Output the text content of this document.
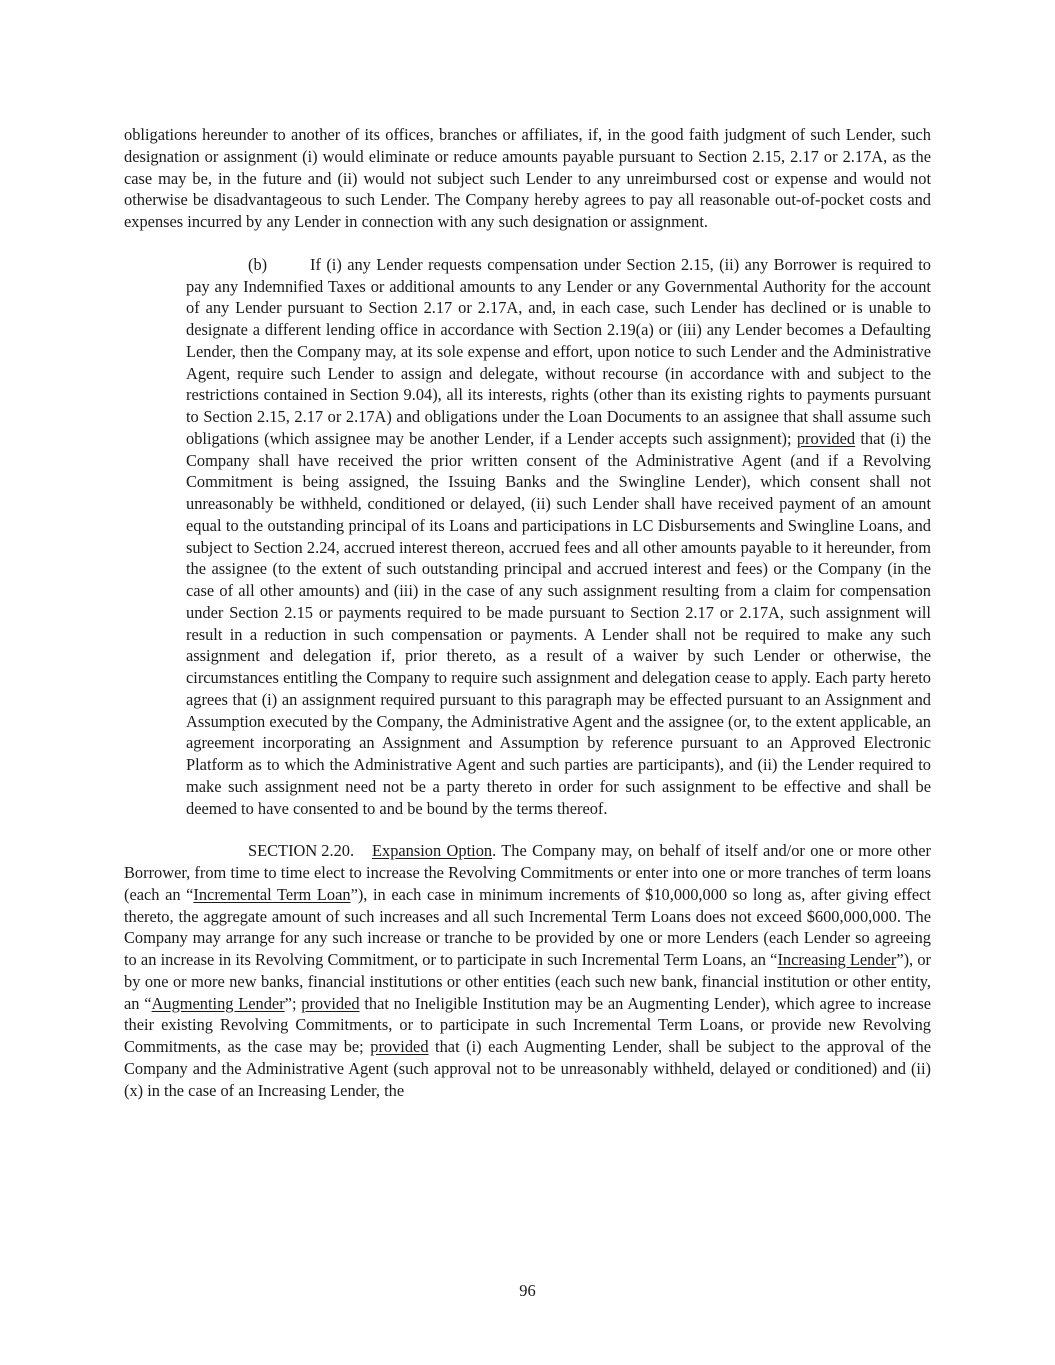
obligations hereunder to another of its offices, branches or affiliates, if, in the good faith judgment of such Lender, such designation or assignment (i) would eliminate or reduce amounts payable pursuant to Section 2.15, 2.17 or 2.17A, as the case may be, in the future and (ii) would not subject such Lender to any unreimbursed cost or expense and would not otherwise be disadvantageous to such Lender. The Company hereby agrees to pay all reasonable out-of-pocket costs and expenses incurred by any Lender in connection with any such designation or assignment.

(b)	If (i) any Lender requests compensation under Section 2.15, (ii) any Borrower is required to pay any Indemnified Taxes or additional amounts to any Lender or any Governmental Authority for the account of any Lender pursuant to Section 2.17 or 2.17A, and, in each case, such Lender has declined or is unable to designate a different lending office in accordance with Section 2.19(a) or (iii) any Lender becomes a Defaulting Lender, then the Company may, at its sole expense and effort, upon notice to such Lender and the Administrative Agent, require such Lender to assign and delegate, without recourse (in accordance with and subject to the restrictions contained in Section 9.04), all its interests, rights (other than its existing rights to payments pursuant to Section 2.15, 2.17 or 2.17A) and obligations under the Loan Documents to an assignee that shall assume such obligations (which assignee may be another Lender, if a Lender accepts such assignment); provided that (i) the Company shall have received the prior written consent of the Administrative Agent (and if a Revolving Commitment is being assigned, the Issuing Banks and the Swingline Lender), which consent shall not unreasonably be withheld, conditioned or delayed, (ii) such Lender shall have received payment of an amount equal to the outstanding principal of its Loans and participations in LC Disbursements and Swingline Loans, and subject to Section 2.24, accrued interest thereon, accrued fees and all other amounts payable to it hereunder, from the assignee (to the extent of such outstanding principal and accrued interest and fees) or the Company (in the case of all other amounts) and (iii) in the case of any such assignment resulting from a claim for compensation under Section 2.15 or payments required to be made pursuant to Section 2.17 or 2.17A, such assignment will result in a reduction in such compensation or payments. A Lender shall not be required to make any such assignment and delegation if, prior thereto, as a result of a waiver by such Lender or otherwise, the circumstances entitling the Company to require such assignment and delegation cease to apply. Each party hereto agrees that (i) an assignment required pursuant to this paragraph may be effected pursuant to an Assignment and Assumption executed by the Company, the Administrative Agent and the assignee (or, to the extent applicable, an agreement incorporating an Assignment and Assumption by reference pursuant to an Approved Electronic Platform as to which the Administrative Agent and such parties are participants), and (ii) the Lender required to make such assignment need not be a party thereto in order for such assignment to be effective and shall be deemed to have consented to and be bound by the terms thereof.

SECTION 2.20. Expansion Option. The Company may, on behalf of itself and/or one or more other Borrower, from time to time elect to increase the Revolving Commitments or enter into one or more tranches of term loans (each an “Incremental Term Loan”), in each case in minimum increments of $10,000,000 so long as, after giving effect thereto, the aggregate amount of such increases and all such Incremental Term Loans does not exceed $600,000,000. The Company may arrange for any such increase or tranche to be provided by one or more Lenders (each Lender so agreeing to an increase in its Revolving Commitment, or to participate in such Incremental Term Loans, an “Increasing Lender”), or by one or more new banks, financial institutions or other entities (each such new bank, financial institution or other entity, an “Augmenting Lender”; provided that no Ineligible Institution may be an Augmenting Lender), which agree to increase their existing Revolving Commitments, or to participate in such Incremental Term Loans, or provide new Revolving Commitments, as the case may be; provided that (i) each Augmenting Lender, shall be subject to the approval of the Company and the Administrative Agent (such approval not to be unreasonably withheld, delayed or conditioned) and (ii) (x) in the case of an Increasing Lender, the

96
